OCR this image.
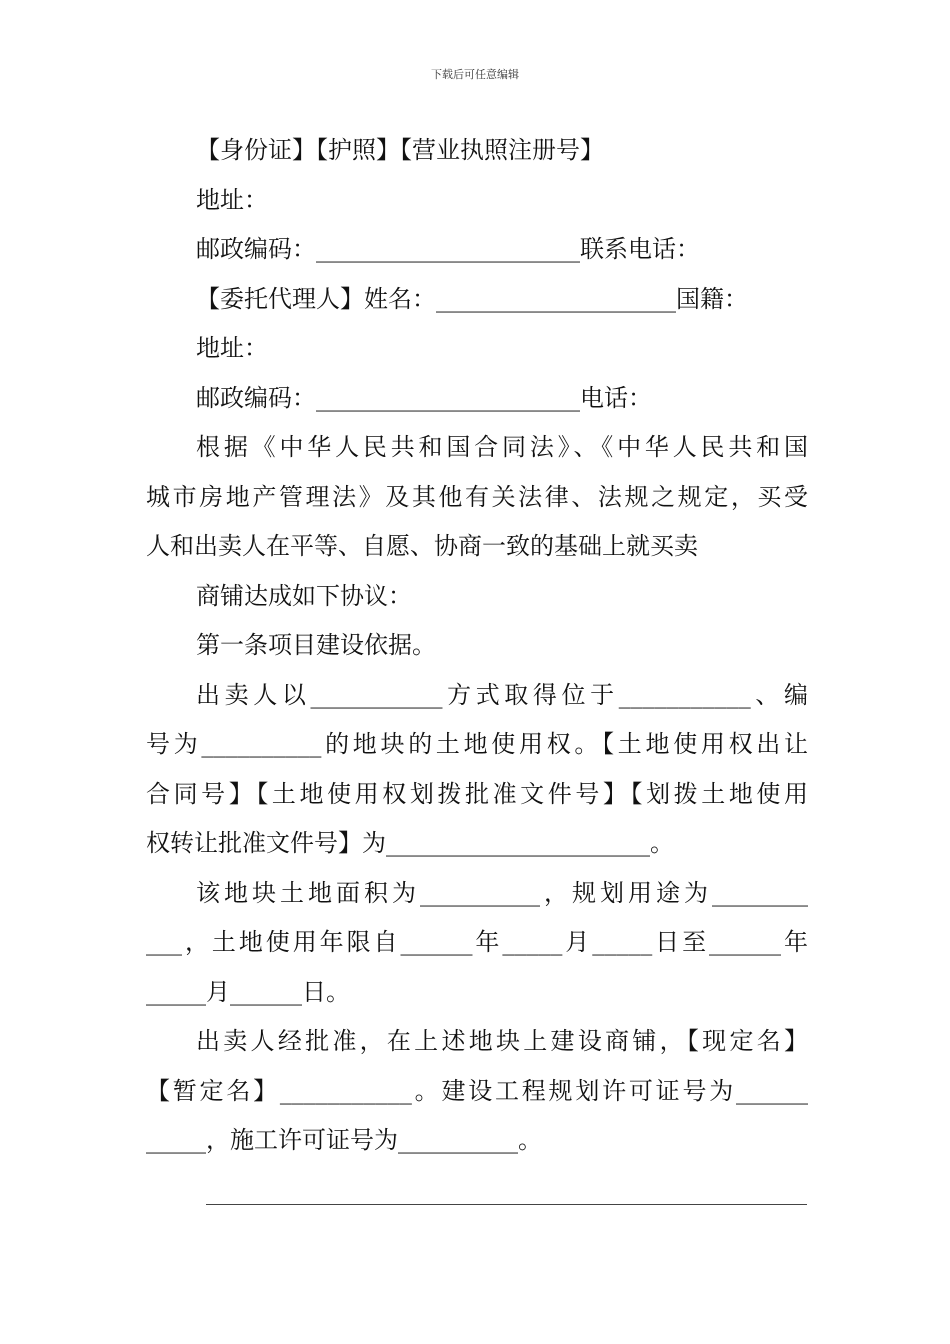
下载后可任意编辑
【身份证】【护照】【营业执照注册号】
地址：
邮政编码：______________________联系电话：
【委托代理人】姓名：____________________国籍：
地址：
邮政编码：______________________电话：
根据《中华人民共和国合同法》、《中华人民共和国
城市房地产管理法》及其他有关法律、法规之规定，买受
人和出卖人在平等、自愿、协商一致的基础上就买卖
商铺达成如下协议：
第一条项目建设依据。
出卖人以___________方式取得位于___________、编
号为__________的地块的土地使用权。【土地使用权出让
合同号】【土地使用权划拨批准文件号】【划拨土地使用
权转让批准文件号】为______________________。
该地块土地面积为__________，规划用途为________
___，土地使用年限自______年_____月_____日至______年
_____月______日。
出卖人经批准，在上述地块上建设商铺，【现定名】
【暂定名】___________。建设工程规划许可证号为______
_____，施工许可证号为__________。
